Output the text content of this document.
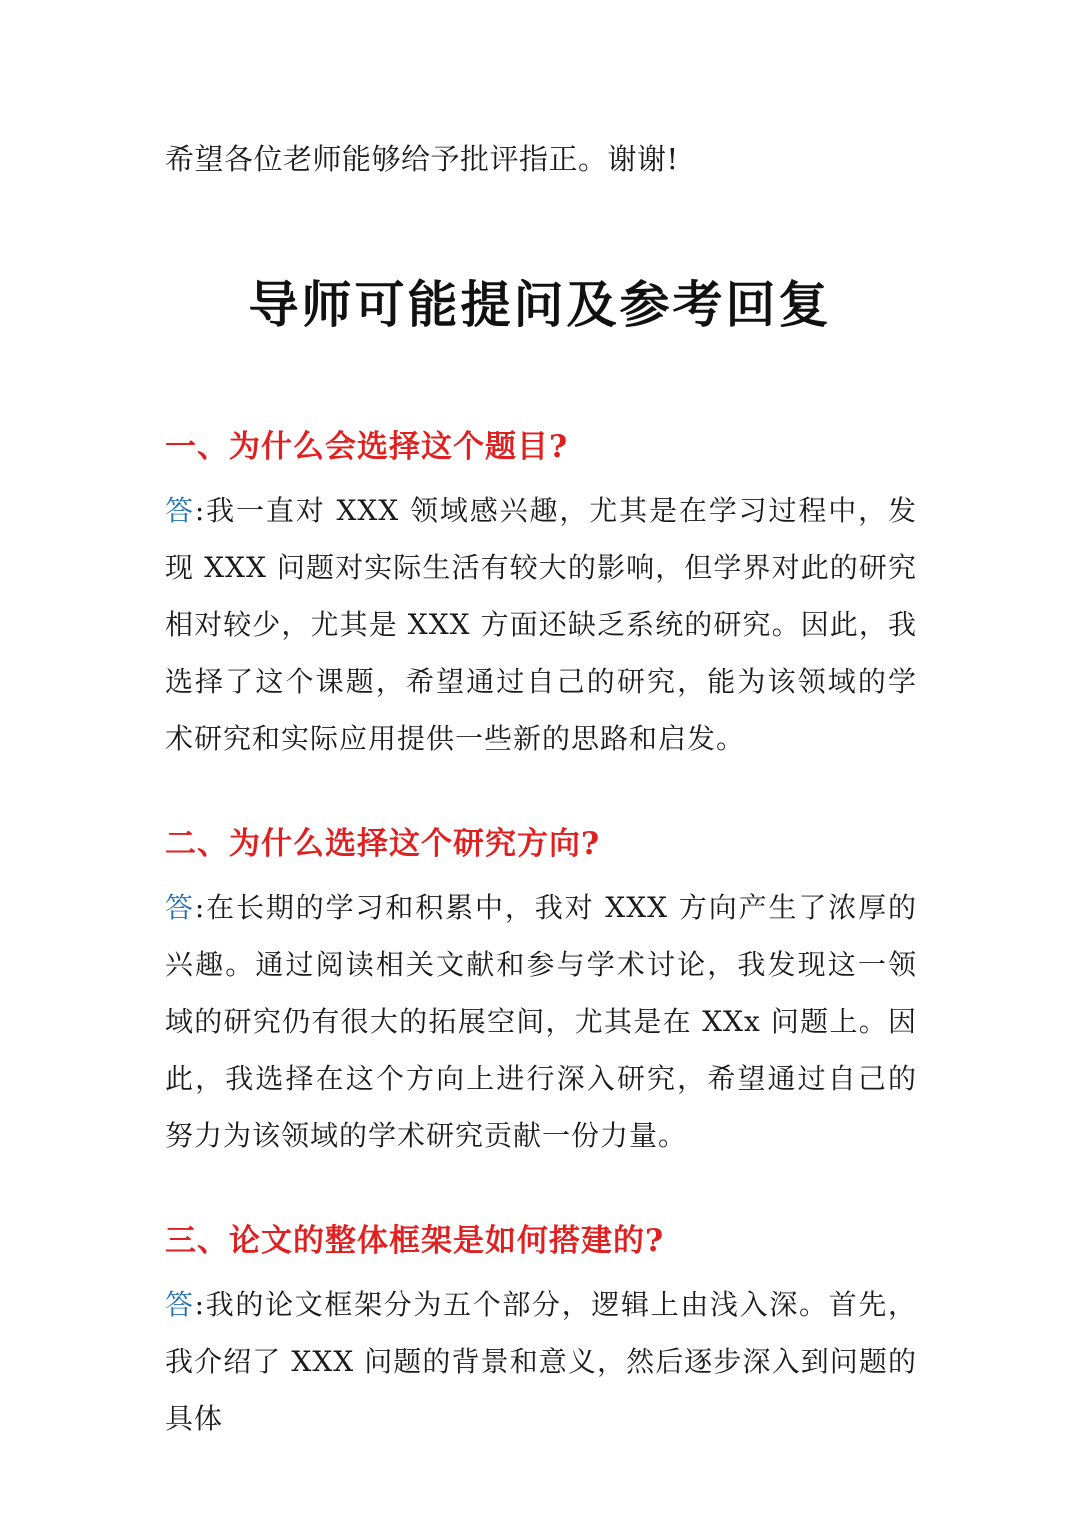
希望各位老师能够给予批评指正。谢谢!
导师可能提问及参考回复
一、为什么会选择这个题目?
答:我一直对 XXX 领域感兴趣，尤其是在学习过程中，发现 XXX 问题对实际生活有较大的影响，但学界对此的研究相对较少，尤其是 XXX 方面还缺乏系统的研究。因此，我选择了这个课题，希望通过自己的研究，能为该领域的学术研究和实际应用提供一些新的思路和启发。
二、为什么选择这个研究方向?
答:在长期的学习和积累中，我对 XXX 方向产生了浓厚的兴趣。通过阅读相关文献和参与学术讨论，我发现这一领域的研究仍有很大的拓展空间，尤其是在 XXx 问题上。因此，我选择在这个方向上进行深入研究，希望通过自己的努力为该领域的学术研究贡献一份力量。
三、论文的整体框架是如何搭建的?
答:我的论文框架分为五个部分，逻辑上由浅入深。首先，我介绍了 XXX 问题的背景和意义，然后逐步深入到问题的具体
